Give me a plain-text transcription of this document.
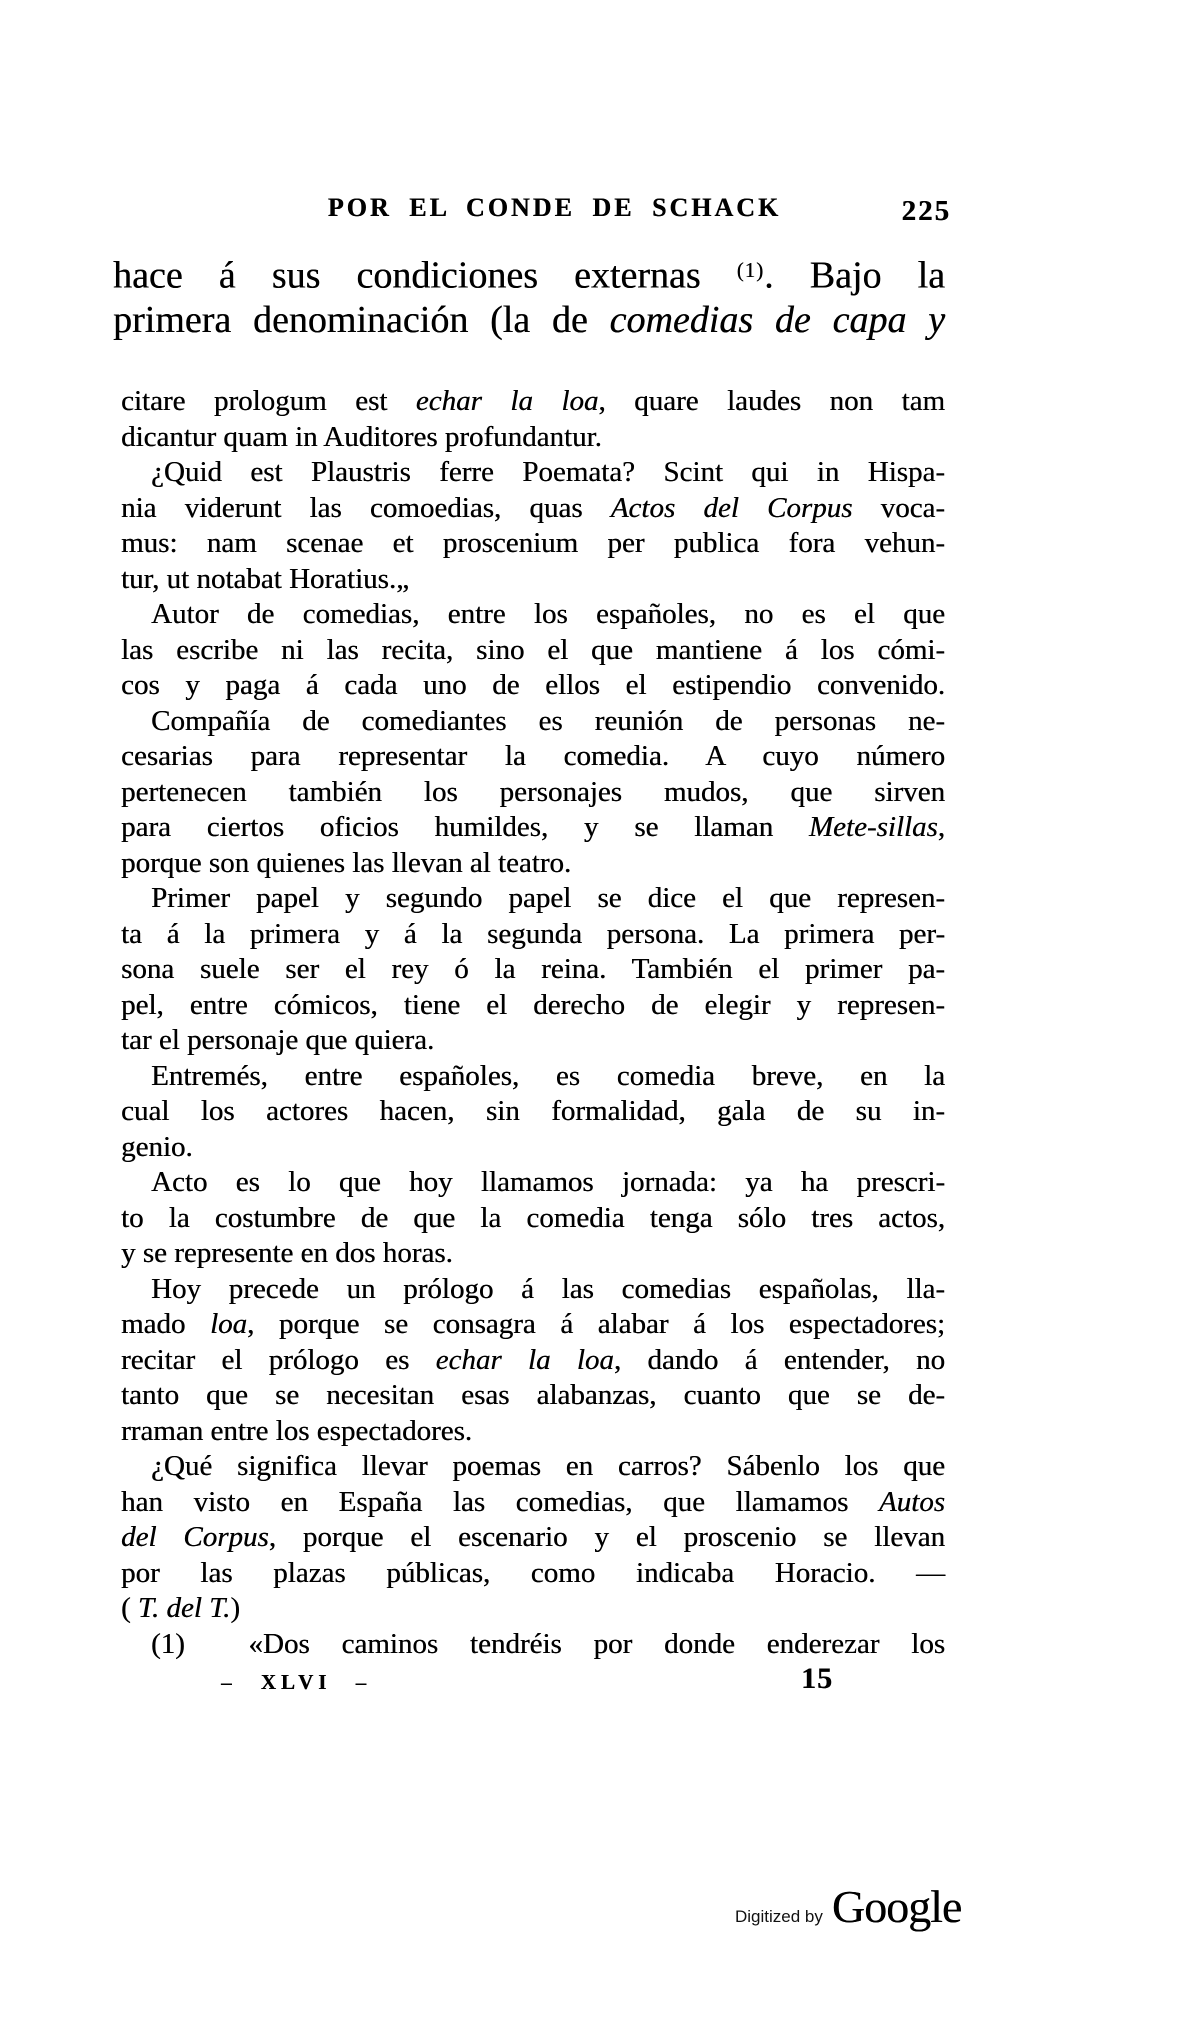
POR EL CONDE DE SCHACK	225
hace á sus condiciones externas $^{(1)}$. Bajo la
primera denominación (la de comedias de capa y
citare prologum est echar la loa, quare laudes non tam
dicantur quam in Auditores profundantur.
¿Quid est Plaustris ferre Poemata? Scint qui in Hispa-
nia viderunt las comoedias, quas Actos del Corpus voca-
mus: nam scenae et proscenium per publica fora vehun-
tur, ut notabat Horatius.„
Autor de comedias, entre los españoles, no es el que
las escribe ni las recita, sino el que mantiene á los cómi-
cos y paga á cada uno de ellos el estipendio convenido.
Compañía de comediantes es reunión de personas ne-
cesarias para representar la comedia. A cuyo número
pertenecen también los personajes mudos, que sirven
para ciertos oficios humildes, y se llaman Mete-sillas,
porque son quienes las llevan al teatro.
Primer papel y segundo papel se dice el que represen-
ta á la primera y á la segunda persona. La primera per-
sona suele ser el rey ó la reina. También el primer pa-
pel, entre cómicos, tiene el derecho de elegir y represen-
tar el personaje que quiera.
Entremés, entre españoles, es comedia breve, en la
cual los actores hacen, sin formalidad, gala de su in-
genio.
Acto es lo que hoy llamamos jornada: ya ha prescri-
to la costumbre de que la comedia tenga sólo tres actos,
y se represente en dos horas.
Hoy precede un prólogo á las comedias españolas, lla-
mado loa, porque se consagra á alabar á los espectadores;
recitar el prólogo es echar la loa, dando á entender, no
tanto que se necesitan esas alabanzas, cuanto que se de-
rraman entre los espectadores.
¿Qué significa llevar poemas en carros? Sábenlo los que
han visto en España las comedias, que llamamos Autos
del Corpus, porque el escenario y el proscenio se llevan
por las plazas públicas, como indicaba Horacio. —
( T. del T.)
(1)  «Dos caminos tendréis por donde enderezar los
– XLVI –	15
Digitized by Google
